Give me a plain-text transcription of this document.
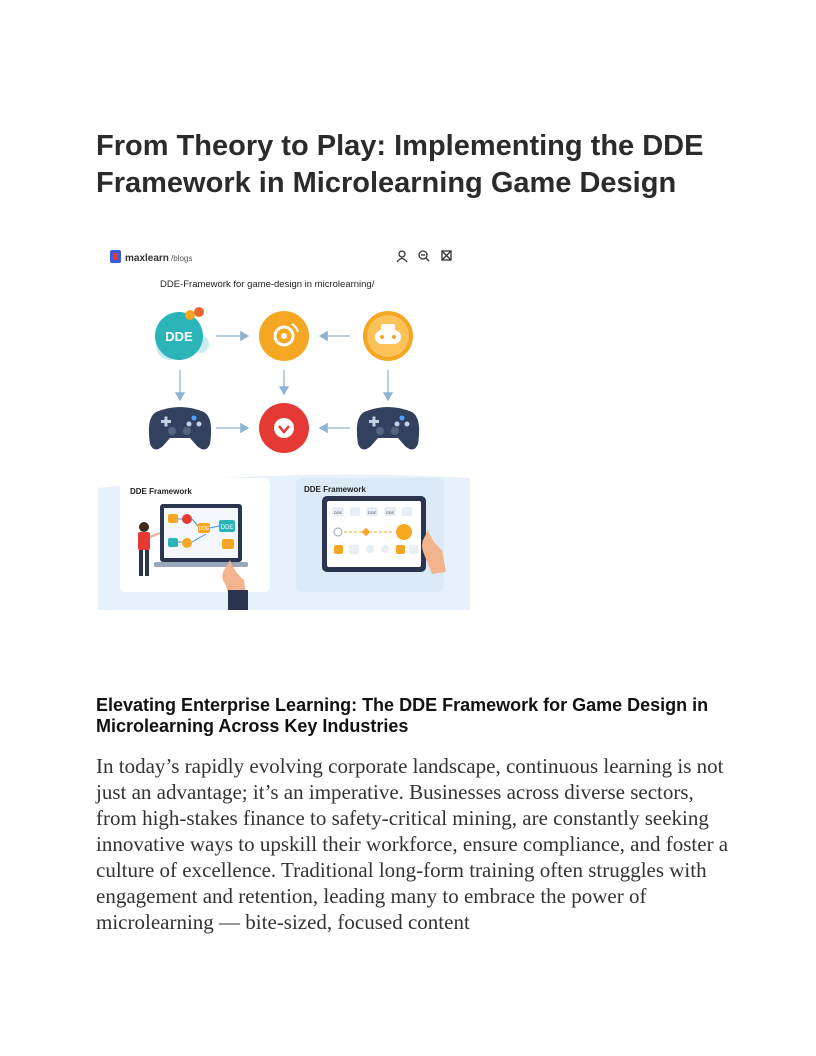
From Theory to Play: Implementing the DDE Framework in Microlearning Game Design
maxlearn /blogs
DDE-Framework for game-design in microlearning/
DDE
DDE Framework
DDE DDE
DDE Framework
DDE	DDE DDE
Elevating Enterprise Learning: The DDE Framework for Game Design in Microlearning Across Key Industries

In today’s rapidly evolving corporate landscape, continuous learning is not just an advantage; it’s an imperative. Businesses across diverse sectors, from high-stakes finance to safety-critical mining, are constantly seeking innovative ways to upskill their workforce, ensure compliance, and foster a culture of excellence. Traditional long-form training often struggles with engagement and retention, leading many to embrace the power of microlearning — bite-sized, focused content
